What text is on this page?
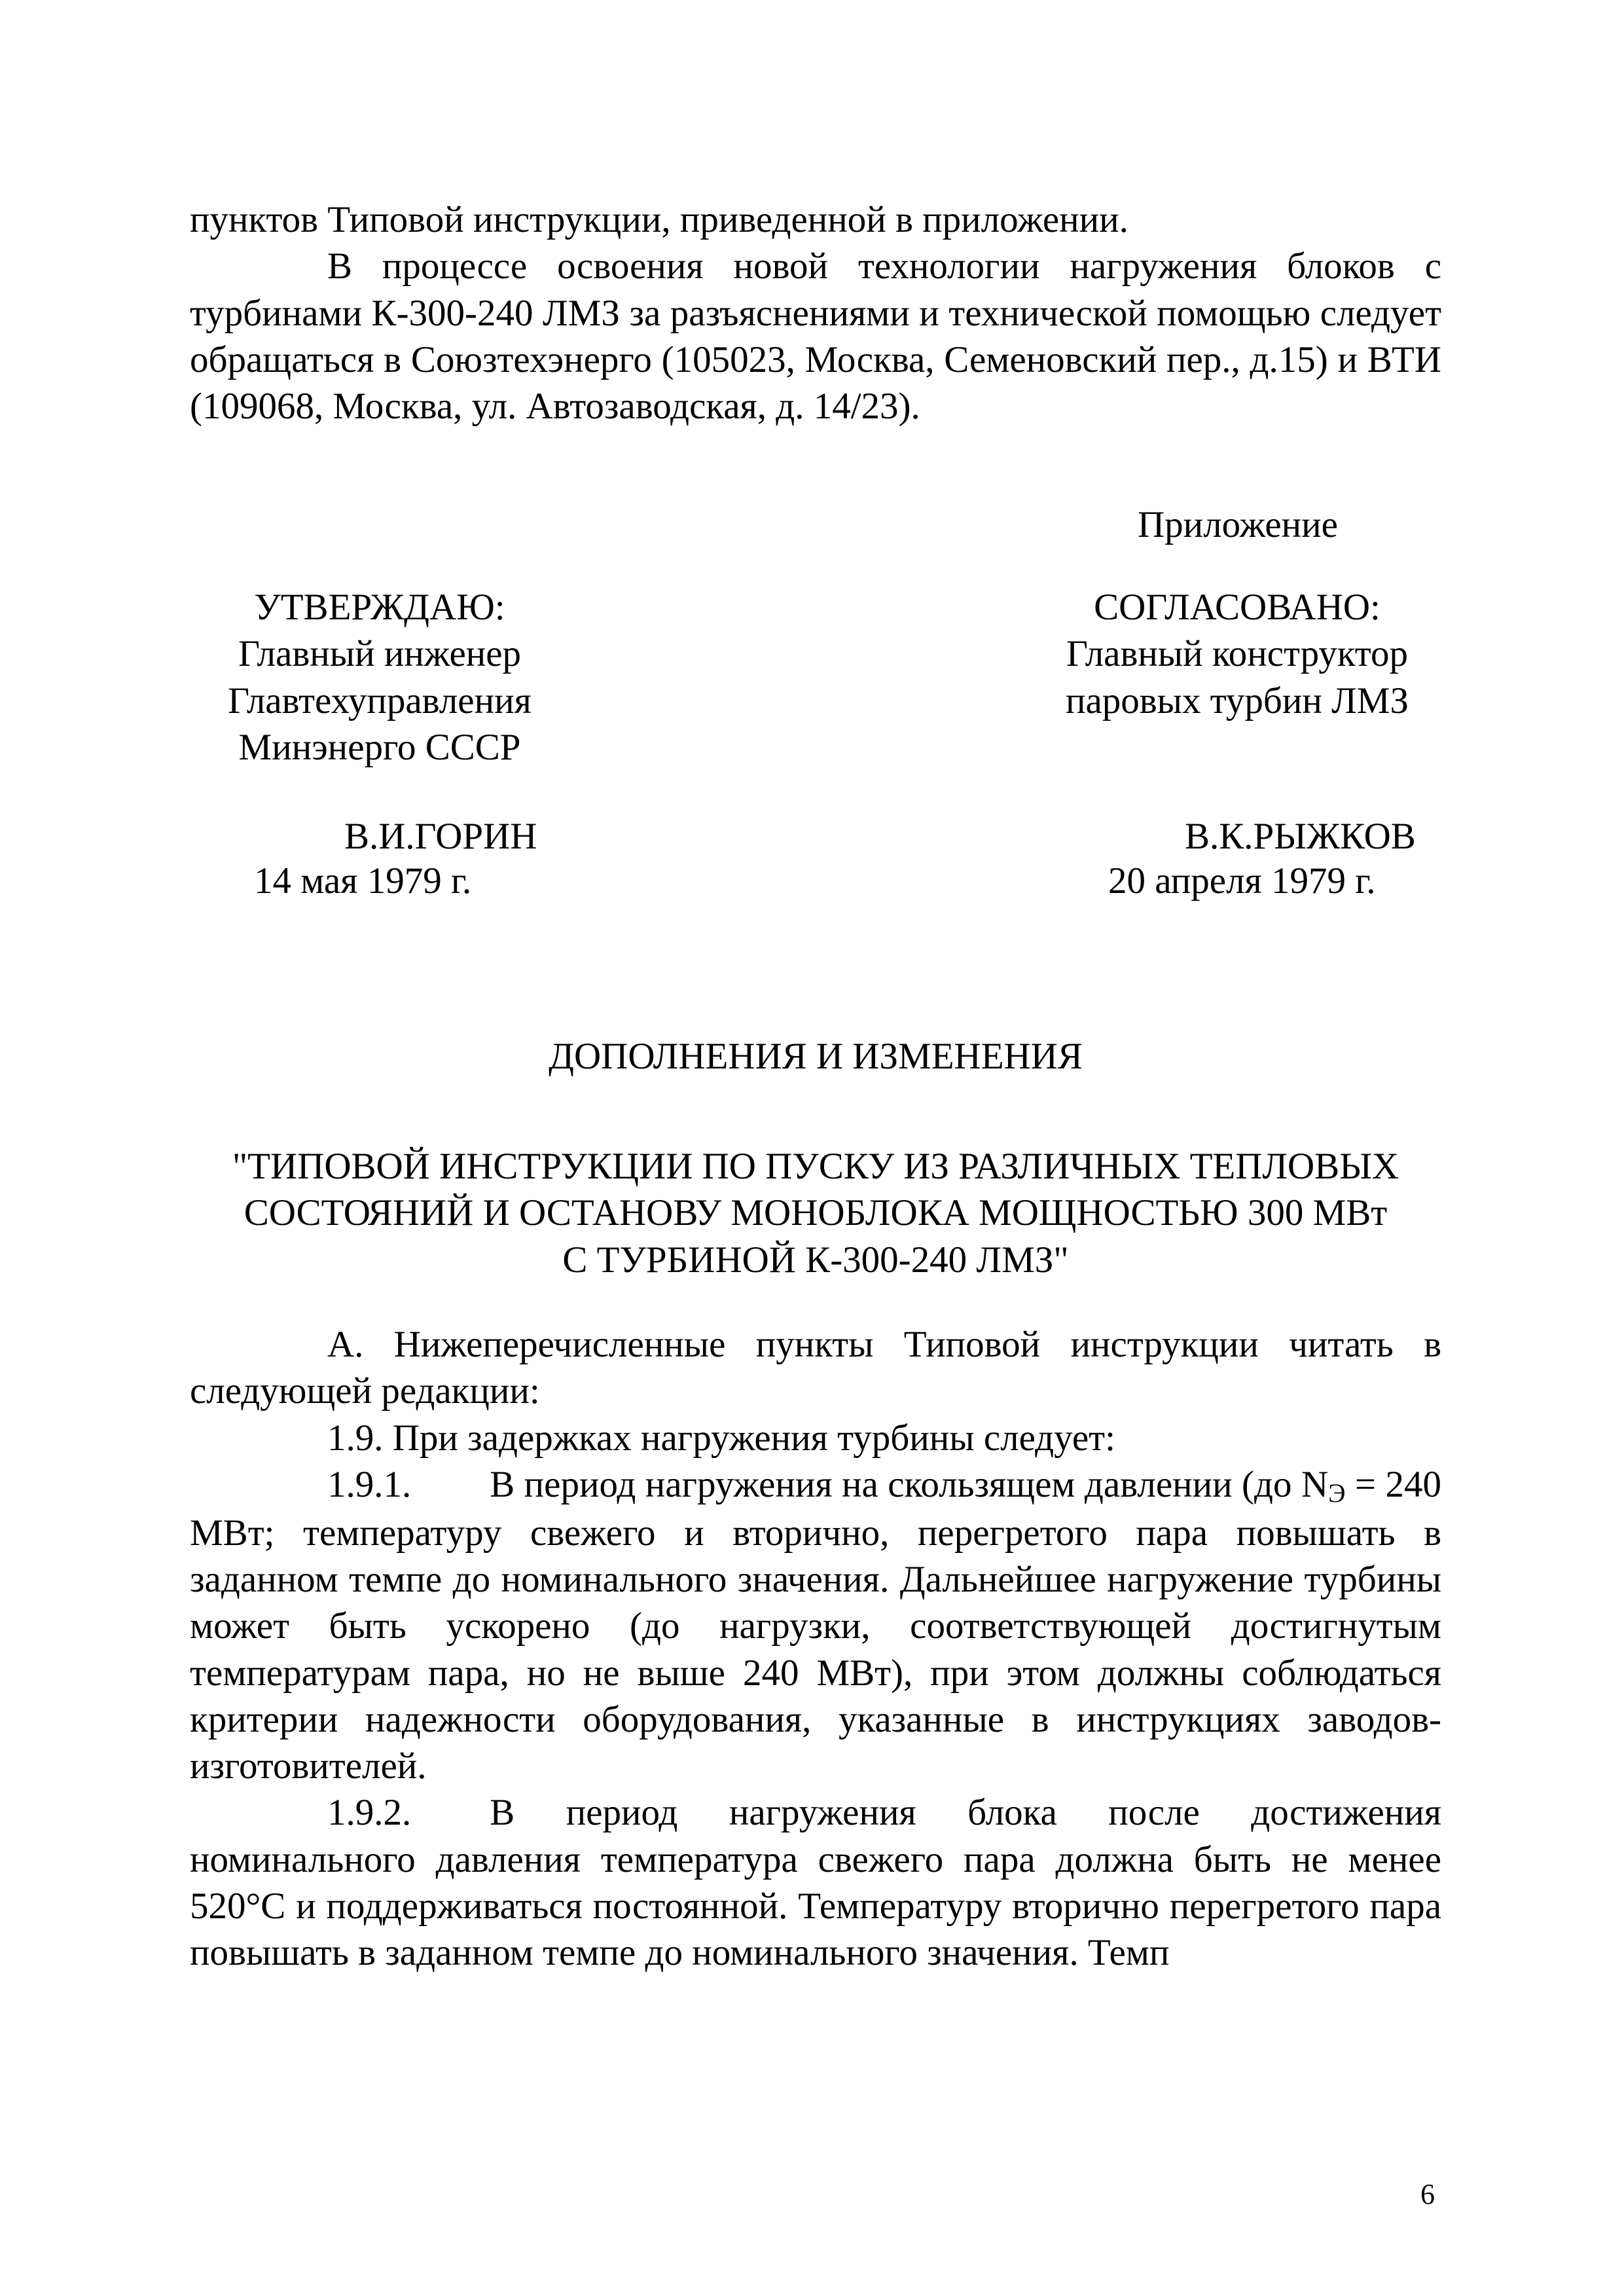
пунктов Типовой инструкции, приведенной в приложении.

В процессе освоения новой технологии нагружения блоков с турбинами К-300-240 ЛМЗ за разъяснениями и технической помощью следует обращаться в Союзтехэнерго (105023, Москва, Семеновский пер., д.15) и ВТИ (109068, Москва, ул. Автозаводская, д. 14/23).

Приложение

УТВЕРЖДАЮ:

Главный инженер

Главтехуправления

Минэнерго СССР

СОГЛАСОВАНО:

Главный конструктор

паровых турбин ЛМЗ

В.И.ГОРИН
14 мая 1979 г.
В.К.РЫЖКОВ
20 апреля 1979 г.
ДОПОЛНЕНИЯ И ИЗМЕНЕНИЯ

"ТИПОВОЙ ИНСТРУКЦИИ ПО ПУСКУ ИЗ РАЗЛИЧНЫХ ТЕПЛОВЫХ

СОСТОЯНИЙ И ОСТАНОВУ МОНОБЛОКА МОЩНОСТЬЮ 300 МВт

С ТУРБИНОЙ К-300-240 ЛМЗ"

А. Нижеперечисленные пункты Типовой инструкции читать в следующей редакции:

1.9. При задержках нагружения турбины следует:

1.9.1. В период нагружения на скользящем давлении (до $N_Э = 240$ МВт; температуру свежего и вторично, перегретого пара повышать в заданном темпе до номинального значения. Дальнейшее нагружение турбины может быть ускорено (до нагрузки, соответствующей достигнутым температурам пара, но не выше 240 МВт), при этом должны соблюдаться критерии надежности оборудования, указанные в инструкциях заводов-изготовителей.

1.9.2. В период нагружения блока после достижения номинального давления температура свежего пара должна быть не менее 520°С и поддерживаться постоянной. Температуру вторично перегретого пара повышать в заданном темпе до номинального значения. Темп

6
